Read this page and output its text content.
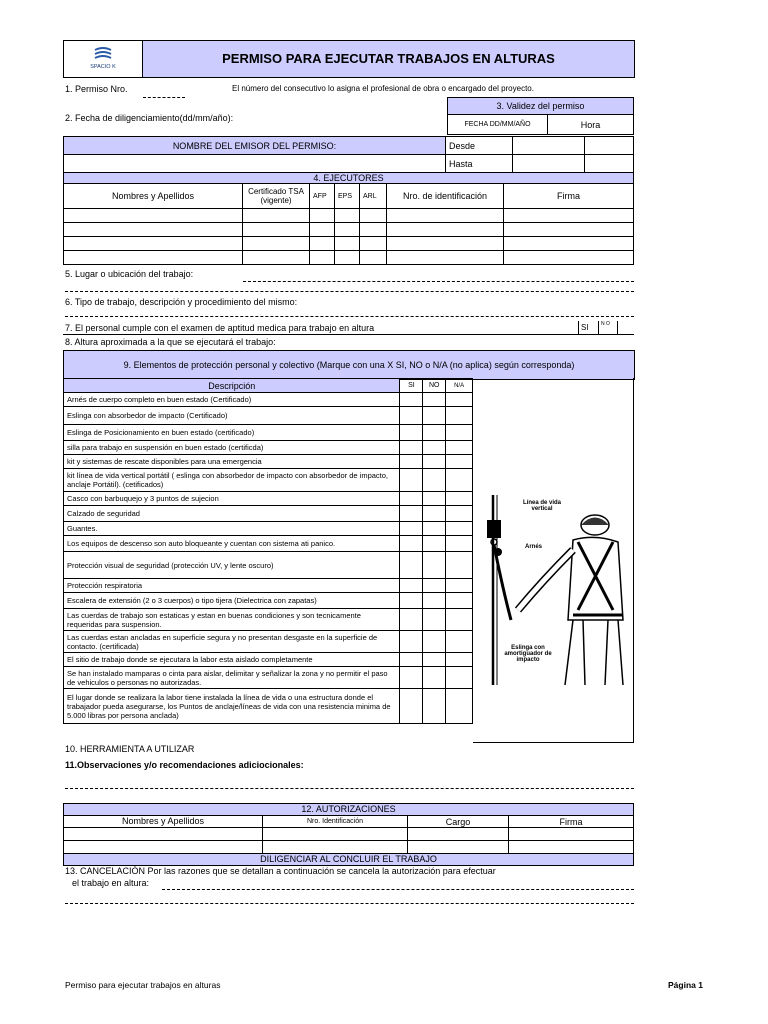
SPACIO K
PERMISO PARA EJECUTAR TRABAJOS EN ALTURAS
1. Permiso Nro.	El número del consecutivo lo asigna el profesional de obra o encargado del proyecto.
2. Fecha de diligenciamiento(dd/mm/año):
3. Validez del permiso
FECHA DD/MM/AÑO	Hora
NOMBRE DEL EMISOR DEL PERMISO:	Desde		
	Hasta		
4. EJECUTORES						
Nombres y Apellidos	Certificado TSA (vigente)	AFP	EPS	ARL	Nro. de identificación	Firma

5. Lugar o ubicación del trabajo:
6. Tipo de trabajo, descripción y procedimiento del mismo:
7. El personal cumple con el examen de aptitud medica para trabajo en altura	SI	N O
8. Altura aproximada a la que se ejecutará el trabajo:
9. Elementos de protección personal y colectivo (Marque con una X SI, NO o N/A (no aplica) según corresponda)
Descripción	SI	NO	N/A
Arnés de cuerpo completo en buen estado (Certificado)			
Eslinga con absorbedor de impacto (Certificado)			
Eslinga de Posicionamiento en buen estado (certificado)			
silla para trabajo en suspensión en buen estado (certificda)			
kit y sistemas de rescate disponibles para una emergencia			
kit línea de vida vertical portátil ( eslinga con absorbedor de impacto con absorbedor de impacto, anclaje Portátil). (cetificados)			
Casco con barbuquejo y 3 puntos de sujecion			
Calzado de seguridad			
Guantes.			
Los equipos de descenso son auto bloqueante y cuentan con sistema ati panico.			
Protección visual de seguridad (protección UV, y lente oscuro)			
Protección respiratoria			
Escalera de extensión (2 o 3 cuerpos) o tipo tijera (Dielectrica con zapatas)			
Las cuerdas de trabajo son estaticas y estan en buenas condiciones y son tecnicamente requeridas para suspension.			
Las cuerdas estan ancladas en superficie segura y no presentan desgaste en la superficie de contacto. (certificada)			
El sitio de trabajo donde se ejecutara la labor esta aislado completamente			
Se han instalado mamparas o cinta para aislar, delimitar y señalizar la zona y no permitir el paso de vehiculos o personas no autorizadas.			
El lugar donde se realizara la labor tiene instalada la línea de vida o una estructura donde el trabajador pueda asegurarse, los Puntos de anclaje/líneas de vida con una resistencia minima de 5.000 libras por persona anclada)			
Línea de vida vertical
Arnés
Eslinga con amortiguador de impacto
10. HERRAMIENTA A UTILIZAR
11.Observaciones y/o recomendaciones adiciocionales:
12. AUTORIZACIONES			
Nombres y Apellidos	Nro. Identificación	Cargo	Firma

DILIGENCIAR AL CONCLUIR EL TRABAJO			
13. CANCELACIÓN Por las razones que se detallan a continuación se cancela la autorización para efectuar
el trabajo en altura:
Permiso para ejecutar trabajos en alturas	Página 1
